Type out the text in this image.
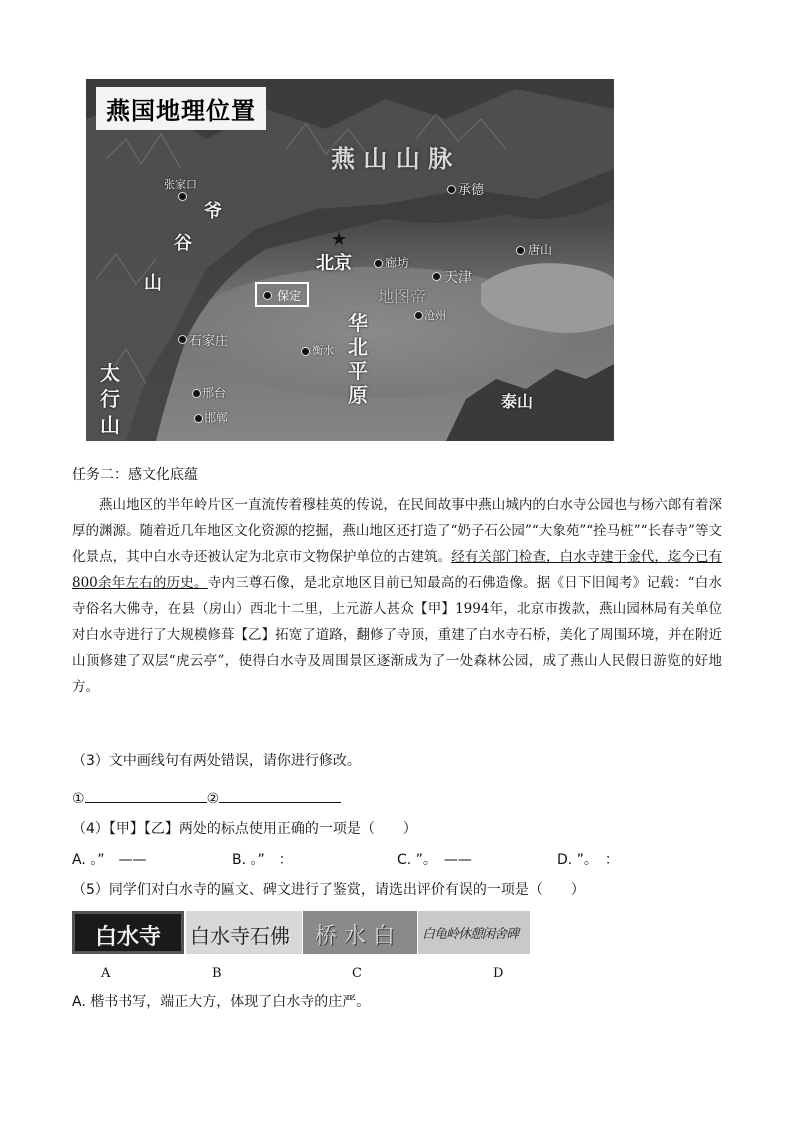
燕国地理位置
燕 山 山 脉
承德
张家口
爷
谷
山
★
北京	廊坊
天津
唐山
保定	地图帝
沧州
石家庄
衡水
华
北
平
原
太
行
山
邢台
邯郸
泰山
任务二：感文化底蕴

燕山地区的半年岭片区一直流传着穆桂英的传说，在民间故事中燕山城内的白水寺公园也与杨六郎有着深厚的渊源。随着近几年地区文化资源的挖掘，燕山地区还打造了“奶子石公园”“大象苑”“拴马桩”“长春寺”等文化景点，其中白水寺还被认定为北京市文物保护单位的古建筑。经有关部门检查，白水寺建于金代，迄今已有800余年左右的历史。寺内三尊石像，是北京地区目前已知最高的石佛造像。据《日下旧闻考》记载：“白水寺俗名大佛寺，在县（房山）西北十二里，上元游人甚众【甲】1994年，北京市拨款，燕山园林局有关单位对白水寺进行了大规模修葺【乙】拓宽了道路，翻修了寺顶，重建了白水寺石桥，美化了周围环境，并在附近山顶修建了双层“虎云亭”，使得白水寺及周围景区逐渐成为了一处森林公园，成了燕山人民假日游览的好地方。

（3）文中画线句有两处错误，请你进行修改。
①	②
（4）【甲】【乙】两处的标点使用正确的一项是（　　）
A. 。”　——	B. 。”　：	C. ”。　——	D. ”。　：
（5）同学们对白水寺的匾文、碑文进行了鉴赏，请选出评价有误的一项是（　　）
白水寺 白水寺石佛 桥 水 白 白龟岭休憩闲舍碑
A	B	C	D
A. 楷书书写，端正大方，体现了白水寺的庄严。
